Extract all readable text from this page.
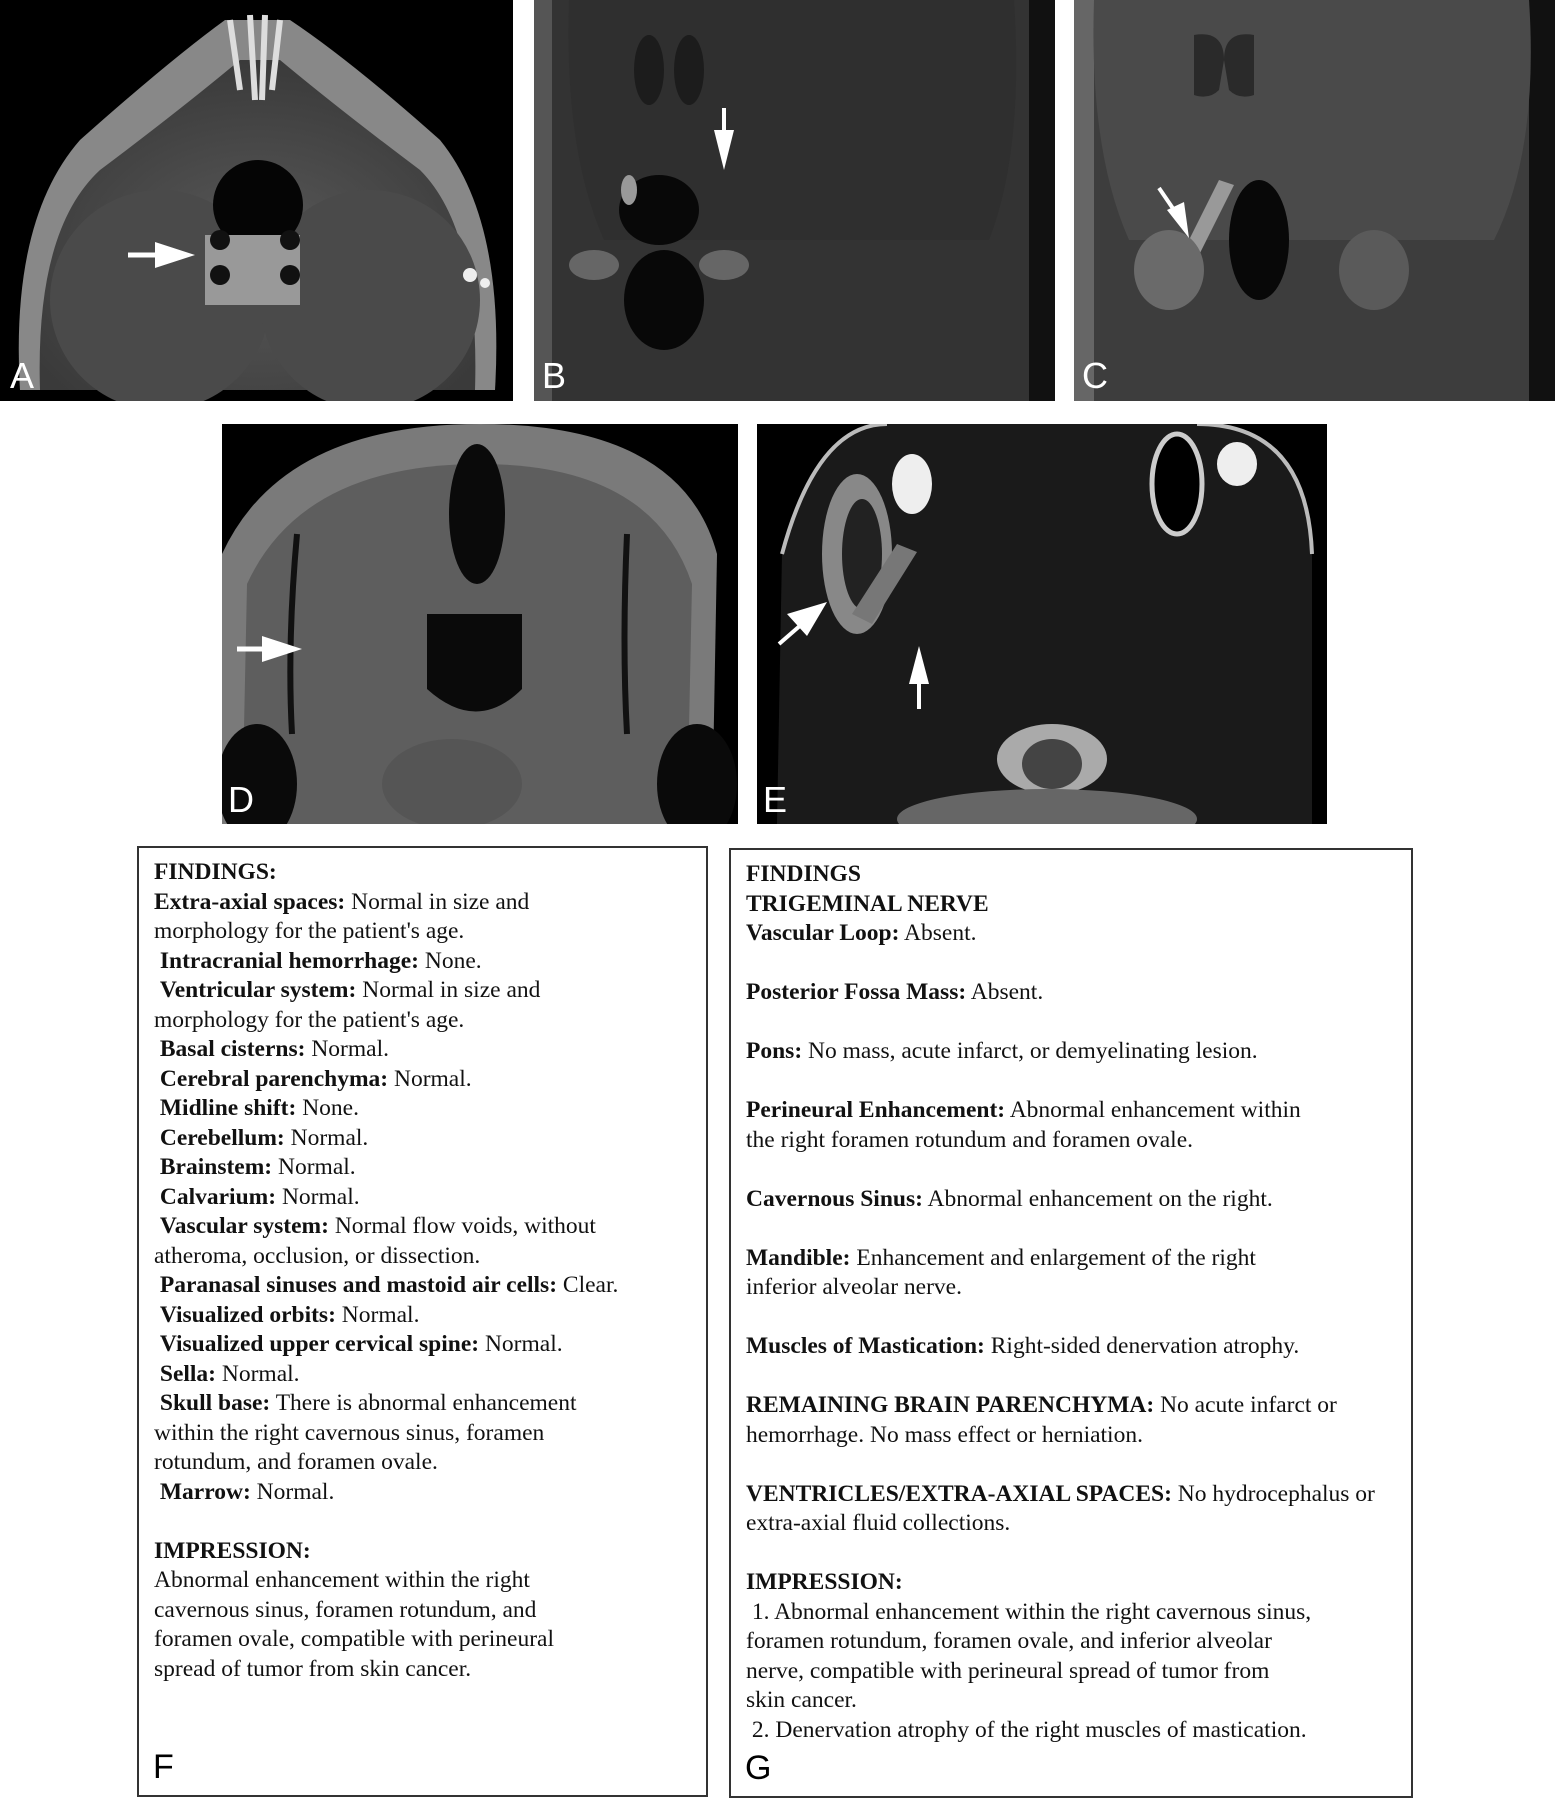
A	B	C
D	E
FINDINGS:
Extra-axial spaces: Normal in size and
morphology for the patient's age.
Intracranial hemorrhage: None.
Ventricular system: Normal in size and
morphology for the patient's age.
Basal cisterns: Normal.
Cerebral parenchyma: Normal.
Midline shift: None.
Cerebellum: Normal.
Brainstem: Normal.
Calvarium: Normal.
Vascular system: Normal flow voids, without
atheroma, occlusion, or dissection.
Paranasal sinuses and mastoid air cells: Clear.
Visualized orbits: Normal.
Visualized upper cervical spine: Normal.
Sella: Normal.
Skull base: There is abnormal enhancement
within the right cavernous sinus, foramen
rotundum, and foramen ovale.
Marrow: Normal.
IMPRESSION:
Abnormal enhancement within the right
cavernous sinus, foramen rotundum, and
foramen ovale, compatible with perineural
spread of tumor from skin cancer.
F
FINDINGS
TRIGEMINAL NERVE
Vascular Loop: Absent.
Posterior Fossa Mass: Absent.
Pons: No mass, acute infarct, or demyelinating lesion.
Perineural Enhancement: Abnormal enhancement within
the right foramen rotundum and foramen ovale.
Cavernous Sinus: Abnormal enhancement on the right.
Mandible: Enhancement and enlargement of the right
inferior alveolar nerve.
Muscles of Mastication: Right-sided denervation atrophy.
REMAINING BRAIN PARENCHYMA: No acute infarct or
hemorrhage. No mass effect or herniation.
VENTRICLES/EXTRA-AXIAL SPACES: No hydrocephalus or
extra-axial fluid collections.
IMPRESSION:
1. Abnormal enhancement within the right cavernous sinus,
foramen rotundum, foramen ovale, and inferior alveolar
nerve, compatible with perineural spread of tumor from
skin cancer.
2. Denervation atrophy of the right muscles of mastication.
G
